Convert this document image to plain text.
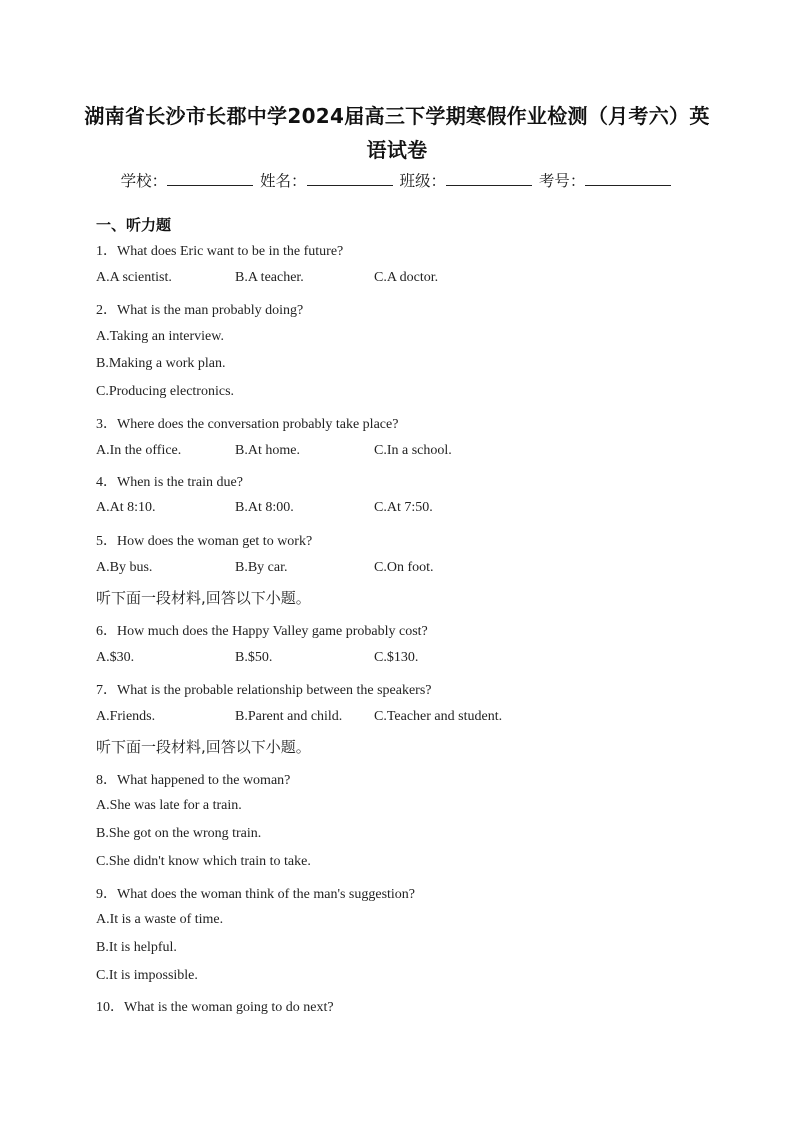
湖南省长沙市长郡中学2024届高三下学期寒假作业检测（月考六）英
语试卷
学校：	姓名：	班级：	考号：
一、听力题
1．What does Eric want to be in the future?
A.A scientist.	B.A teacher.	C.A doctor.
2．What is the man probably doing?
A.Taking an interview.
B.Making a work plan.
C.Producing electronics.
3．Where does the conversation probably take place?
A.In the office.	B.At home.	C.In a school.
4．When is the train due?
A.At 8:10.	B.At 8:00.	C.At 7:50.
5．How does the woman get to work?
A.By bus.	B.By car.	C.On foot.
听下面一段材料,回答以下小题。
6．How much does the Happy Valley game probably cost?
A.$30.	B.$50.	C.$130.
7．What is the probable relationship between the speakers?
A.Friends.	B.Parent and child. C.Teacher and student.
听下面一段材料,回答以下小题。
8．What happened to the woman?
A.She was late for a train.
B.She got on the wrong train.
C.She didn't know which train to take.
9．What does the woman think of the man's suggestion?
A.It is a waste of time.
B.It is helpful.
C.It is impossible.
10．What is the woman going to do next?
